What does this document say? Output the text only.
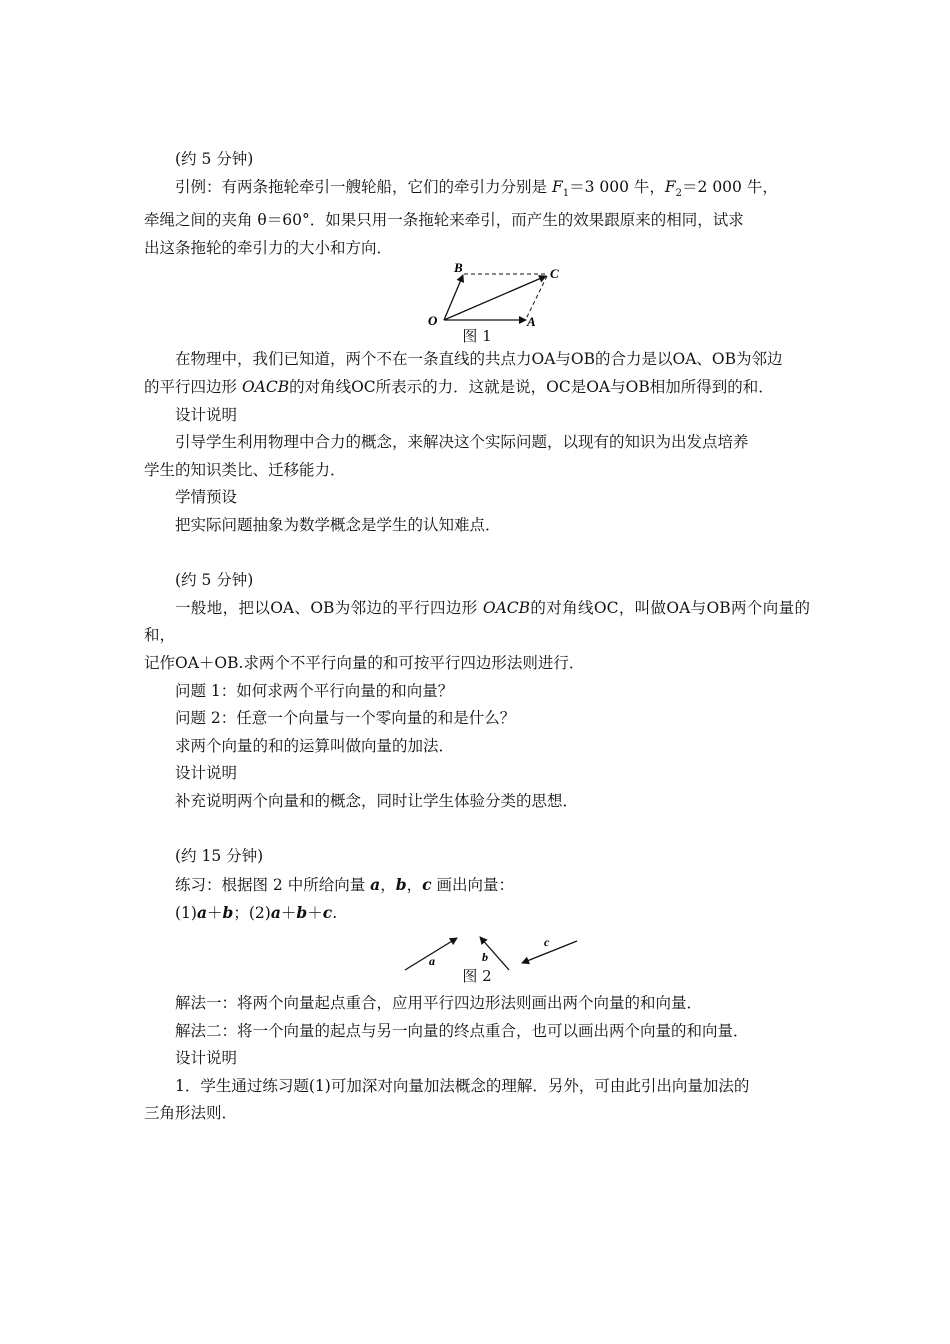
(约 5 分钟)

引例：有两条拖轮牵引一艘轮船，它们的牵引力分别是 $F_1=3$ 000 牛，$F_2=2$ 000 牛，

牵绳之间的夹角 θ＝60°．如果只用一条拖轮来牵引，而产生的效果跟原来的相同，试求

出这条拖轮的牵引力的大小和方向．

O	A
B	C

图 1

在物理中，我们已知道，两个不在一条直线的共点力OA与OB的合力是以OA、OB为邻边

的平行四边形 OACB的对角线OC所表示的力．这就是说，OC是OA与OB相加所得到的和．

设计说明

引导学生利用物理中合力的概念，来解决这个实际问题，以现有的知识为出发点培养

学生的知识类比、迁移能力．

学情预设

把实际问题抽象为数学概念是学生的认知难点．

(约 5 分钟)

一般地，把以OA、OB为邻边的平行四边形 OACB的对角线OC，叫做OA与OB两个向量的和，

记作OA＋OB.求两个不平行向量的和可按平行四边形法则进行．

问题 1：如何求两个平行向量的和向量？

问题 2：任意一个向量与一个零向量的和是什么？

求两个向量的和的运算叫做向量的加法．

设计说明

补充说明两个向量和的概念，同时让学生体验分类的思想．

(约 15 分钟)

练习：根据图 2 中所给向量 a，b，c 画出向量：

(1)a＋b；(2)a＋b＋c.

a	b
c

图 2

解法一：将两个向量起点重合，应用平行四边形法则画出两个向量的和向量．

解法二：将一个向量的起点与另一向量的终点重合，也可以画出两个向量的和向量．

设计说明

1．学生通过练习题(1)可加深对向量加法概念的理解．另外，可由此引出向量加法的

三角形法则．
